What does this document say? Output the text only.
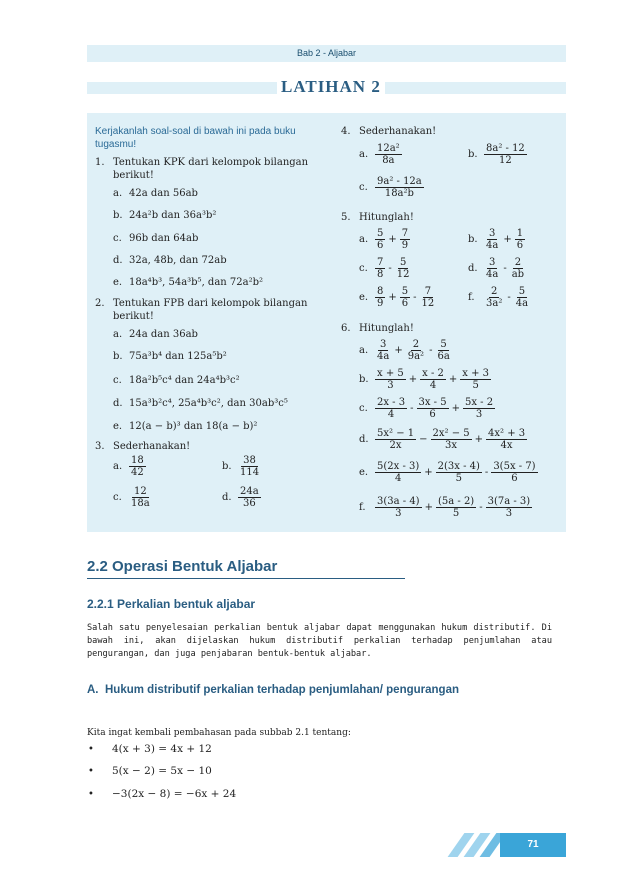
Bab 2 - Aljabar
LATIHAN 2
Kerjakanlah soal-soal di bawah ini pada buku tugasmu!
1. Tentukan KPK dari kelompok bilangan berikut!
a. 42a dan 56ab
b. 24a²b dan 36a³b²
c. 96b dan 64ab
d. 32a, 48b, dan 72ab
e. 18a⁴b³, 54a³b⁵, dan 72a²b²
2. Tentukan FPB dari kelompok bilangan berikut!
a. 24a dan 36ab
b. 75a³b⁴ dan 125a⁵b²
c. 18a²b⁵c⁴ dan 24a⁴b³c²
d. 15a³b²c⁴, 25a⁴b³c², dan 30ab³c⁵
e. 12(a − b)³ dan 18(a − b)²
3. Sederhanakan!
a. $\frac{18}{42}$	b. $\frac{38}{114}$
c. $\frac{12}{18a}$	d. $\frac{24a}{36}$
4. Sederhanakan!
a. $\frac{\text{12a²}}{8a}$	b. $\frac{\text{8a² - 12}}{12}$
c. $\frac{\text{9a² - 12a}}{\text{18a²b}}$
5. Hitunglah!
a. $\frac{5}{6} + \frac{7}{9}$	b. $\frac{3}{4a} + \frac{1}{6}$
c. $\frac{7}{8} - \frac{5}{12}$	d. $\frac{3}{4a} - \frac{2}{ab}$
e. $\frac{8}{9} + \frac{5}{6} - \frac{7}{12}$	f. $\frac{2}{\text{3a²}} - \frac{5}{4a}$
6. Hitunglah!
a. $\frac{3}{4a} + \frac{2}{\text{9a²}} - \frac{5}{6a}$
b. $\frac{x + 5}{3} + \frac{x - 2}{4} + \frac{x + 3}{5}$
c. $\frac{2x - 3}{4} - \frac{3x - 5}{6} + \frac{5x - 2}{3}$
d. $\frac{\text{5x² − 1}}{2x} - \frac{\text{2x² − 5}}{3x} + \frac{\text{4x² + 3}}{4x}$
e. $\frac{5(2x - 3)}{4} + \frac{2(3x - 4)}{5} - \frac{3(5x - 7)}{6}$
f. $\frac{3(3a - 4)}{3} + \frac{(5a - 2)}{5} - \frac{3(7a - 3)}{3}$
2.2 Operasi Bentuk Aljabar
2.2.1 Perkalian bentuk aljabar
Salah satu penyelesaian perkalian bentuk aljabar dapat menggunakan hukum distributif. Di bawah ini, akan dijelaskan hukum distributif perkalian terhadap penjumlahan atau pengurangan, dan juga penjabaran bentuk-bentuk aljabar.
A. Hukum distributif perkalian terhadap penjumlahan/ pengurangan
Kita ingat kembali pembahasan pada subbab 2.1 tentang:
• 4(x + 3) = 4x + 12
• 5(x − 2) = 5x − 10
• −3(2x − 8) = −6x + 24
71
